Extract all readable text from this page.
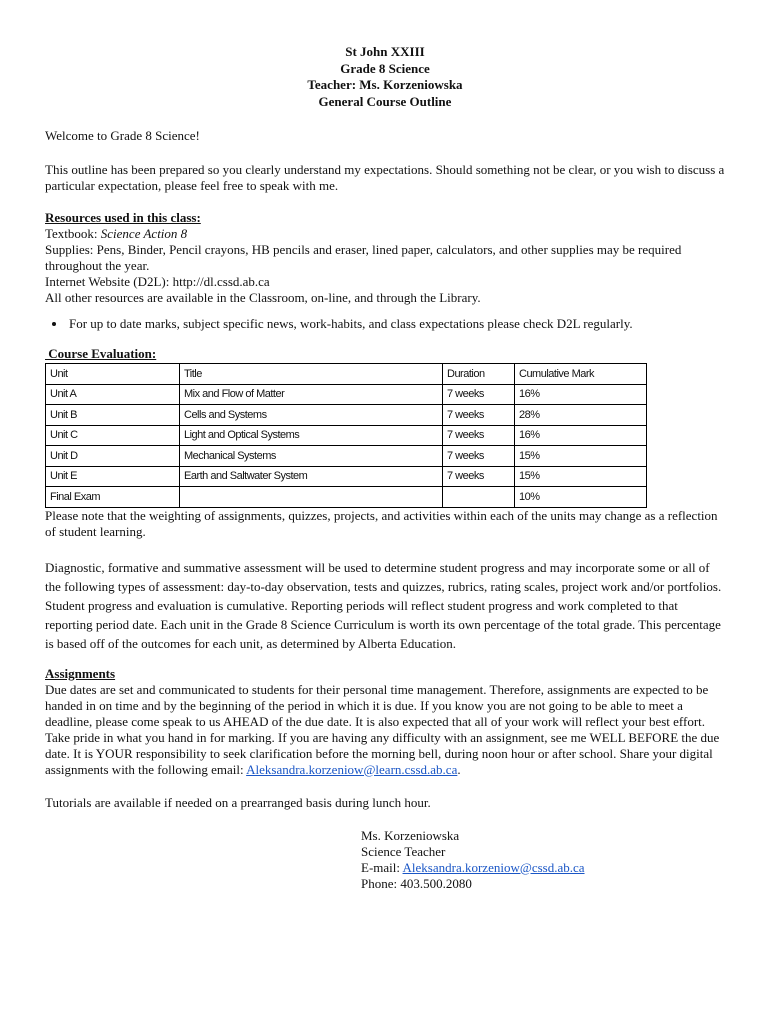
St John XXIII
Grade 8 Science
Teacher: Ms. Korzeniowska
General Course Outline

Welcome to Grade 8 Science!

This outline has been prepared so you clearly understand my expectations. Should something not be clear, or you wish to discuss a particular expectation, please feel free to speak with me.

Resources used in this class:

Textbook: Science Action 8

Supplies: Pens, Binder, Pencil crayons, HB pencils and eraser, lined paper, calculators, and other supplies may be required throughout the year.

Internet Website (D2L): http://dl.cssd.ab.ca

All other resources are available in the Classroom, on-line, and through the Library.

• For up to date marks, subject specific news, work-habits, and class expectations please check D2L regularly.

Course Evaluation:

Unit	Title	Duration	Cumulative Mark
Unit A	Mix and Flow of Matter	7 weeks	16%
Unit B	Cells and Systems	7 weeks	28%
Unit C	Light and Optical Systems	7 weeks	16%
Unit D	Mechanical Systems	7 weeks	15%
Unit E	Earth and Saltwater System	7 weeks	15%
Final Exam			10%

Please note that the weighting of assignments, quizzes, projects, and activities within each of the units may change as a reflection of student learning.

Diagnostic, formative and summative assessment will be used to determine student progress and may incorporate some or all of the following types of assessment: day-to-day observation, tests and quizzes, rubrics, rating scales, project work and/or portfolios. Student progress and evaluation is cumulative. Reporting periods will reflect student progress and work completed to that reporting period date. Each unit in the Grade 8 Science Curriculum is worth its own percentage of the total grade. This percentage is based off of the outcomes for each unit, as determined by Alberta Education.

Assignments

Due dates are set and communicated to students for their personal time management. Therefore, assignments are expected to be handed in on time and by the beginning of the period in which it is due. If you know you are not going to be able to meet a deadline, please come speak to us AHEAD of the due date. It is also expected that all of your work will reflect your best effort. Take pride in what you hand in for marking. If you are having any difficulty with an assignment, see me WELL BEFORE the due date. It is YOUR responsibility to seek clarification before the morning bell, during noon hour or after school. Share your digital assignments with the following email: Aleksandra.korzeniow@learn.cssd.ab.ca.

Tutorials are available if needed on a prearranged basis during lunch hour.

Ms. Korzeniowska

Science Teacher

E-mail: Aleksandra.korzeniow@cssd.ab.ca

Phone: 403.500.2080
